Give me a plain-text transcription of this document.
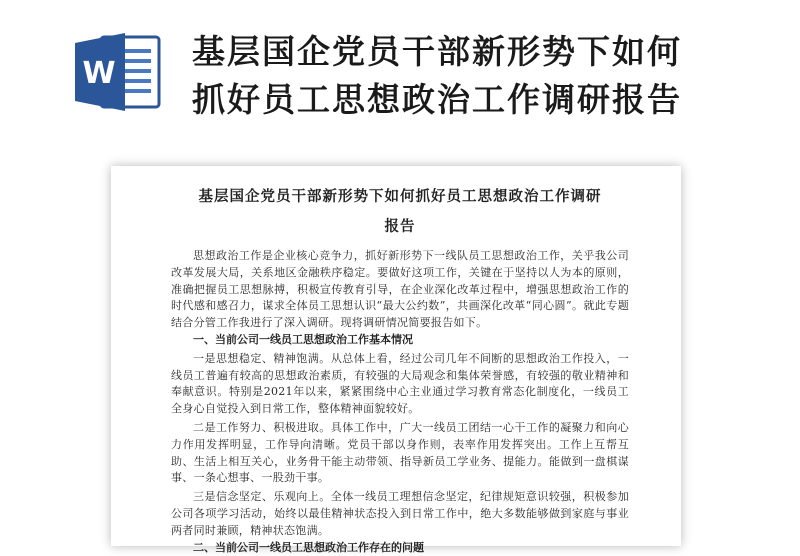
W
基层国企党员干部新形势下如何
抓好员工思想政治工作调研报告
基层国企党员干部新形势下如何抓好员工思想政治工作调研
报告

思想政治工作是企业核心竞争力，抓好新形势下一线队员工思想政治工作，关乎我公司改革发展大局，关系地区金融秩序稳定。要做好这项工作，关键在于坚持以人为本的原则，准确把握员工思想脉搏，积极宣传教育引导，在企业深化改革过程中，增强思想政治工作的时代感和感召力，谋求全体员工思想认识“最大公约数”，共画深化改革“同心圆”。就此专题结合分管工作我进行了深入调研。现将调研情况简要报告如下。

一、当前公司一线员工思想政治工作基本情况

一是思想稳定、精神饱满。从总体上看，经过公司几年不间断的思想政治工作投入，一线员工普遍有较高的思想政治素质，有较强的大局观念和集体荣誉感，有较强的敬业精神和奉献意识。特别是2021年以来，紧紧围绕中心主业通过学习教育常态化制度化，一线员工全身心自觉投入到日常工作，整体精神面貌较好。

二是工作努力、积极进取。具体工作中，广大一线员工团结一心干工作的凝聚力和向心力作用发挥明显，工作导向清晰。党员干部以身作则，表率作用发挥突出。工作上互帮互助、生活上相互关心，业务骨干能主动带领、指导新员工学业务、提能力。能做到一盘棋谋事、一条心想事、一股劲干事。

三是信念坚定、乐观向上。全体一线员工理想信念坚定，纪律规矩意识较强，积极参加公司各项学习活动，始终以最佳精神状态投入到日常工作中，绝大多数能够做到家庭与事业两者同时兼顾，精神状态饱满。

二、当前公司一线员工思想政治工作存在的问题
